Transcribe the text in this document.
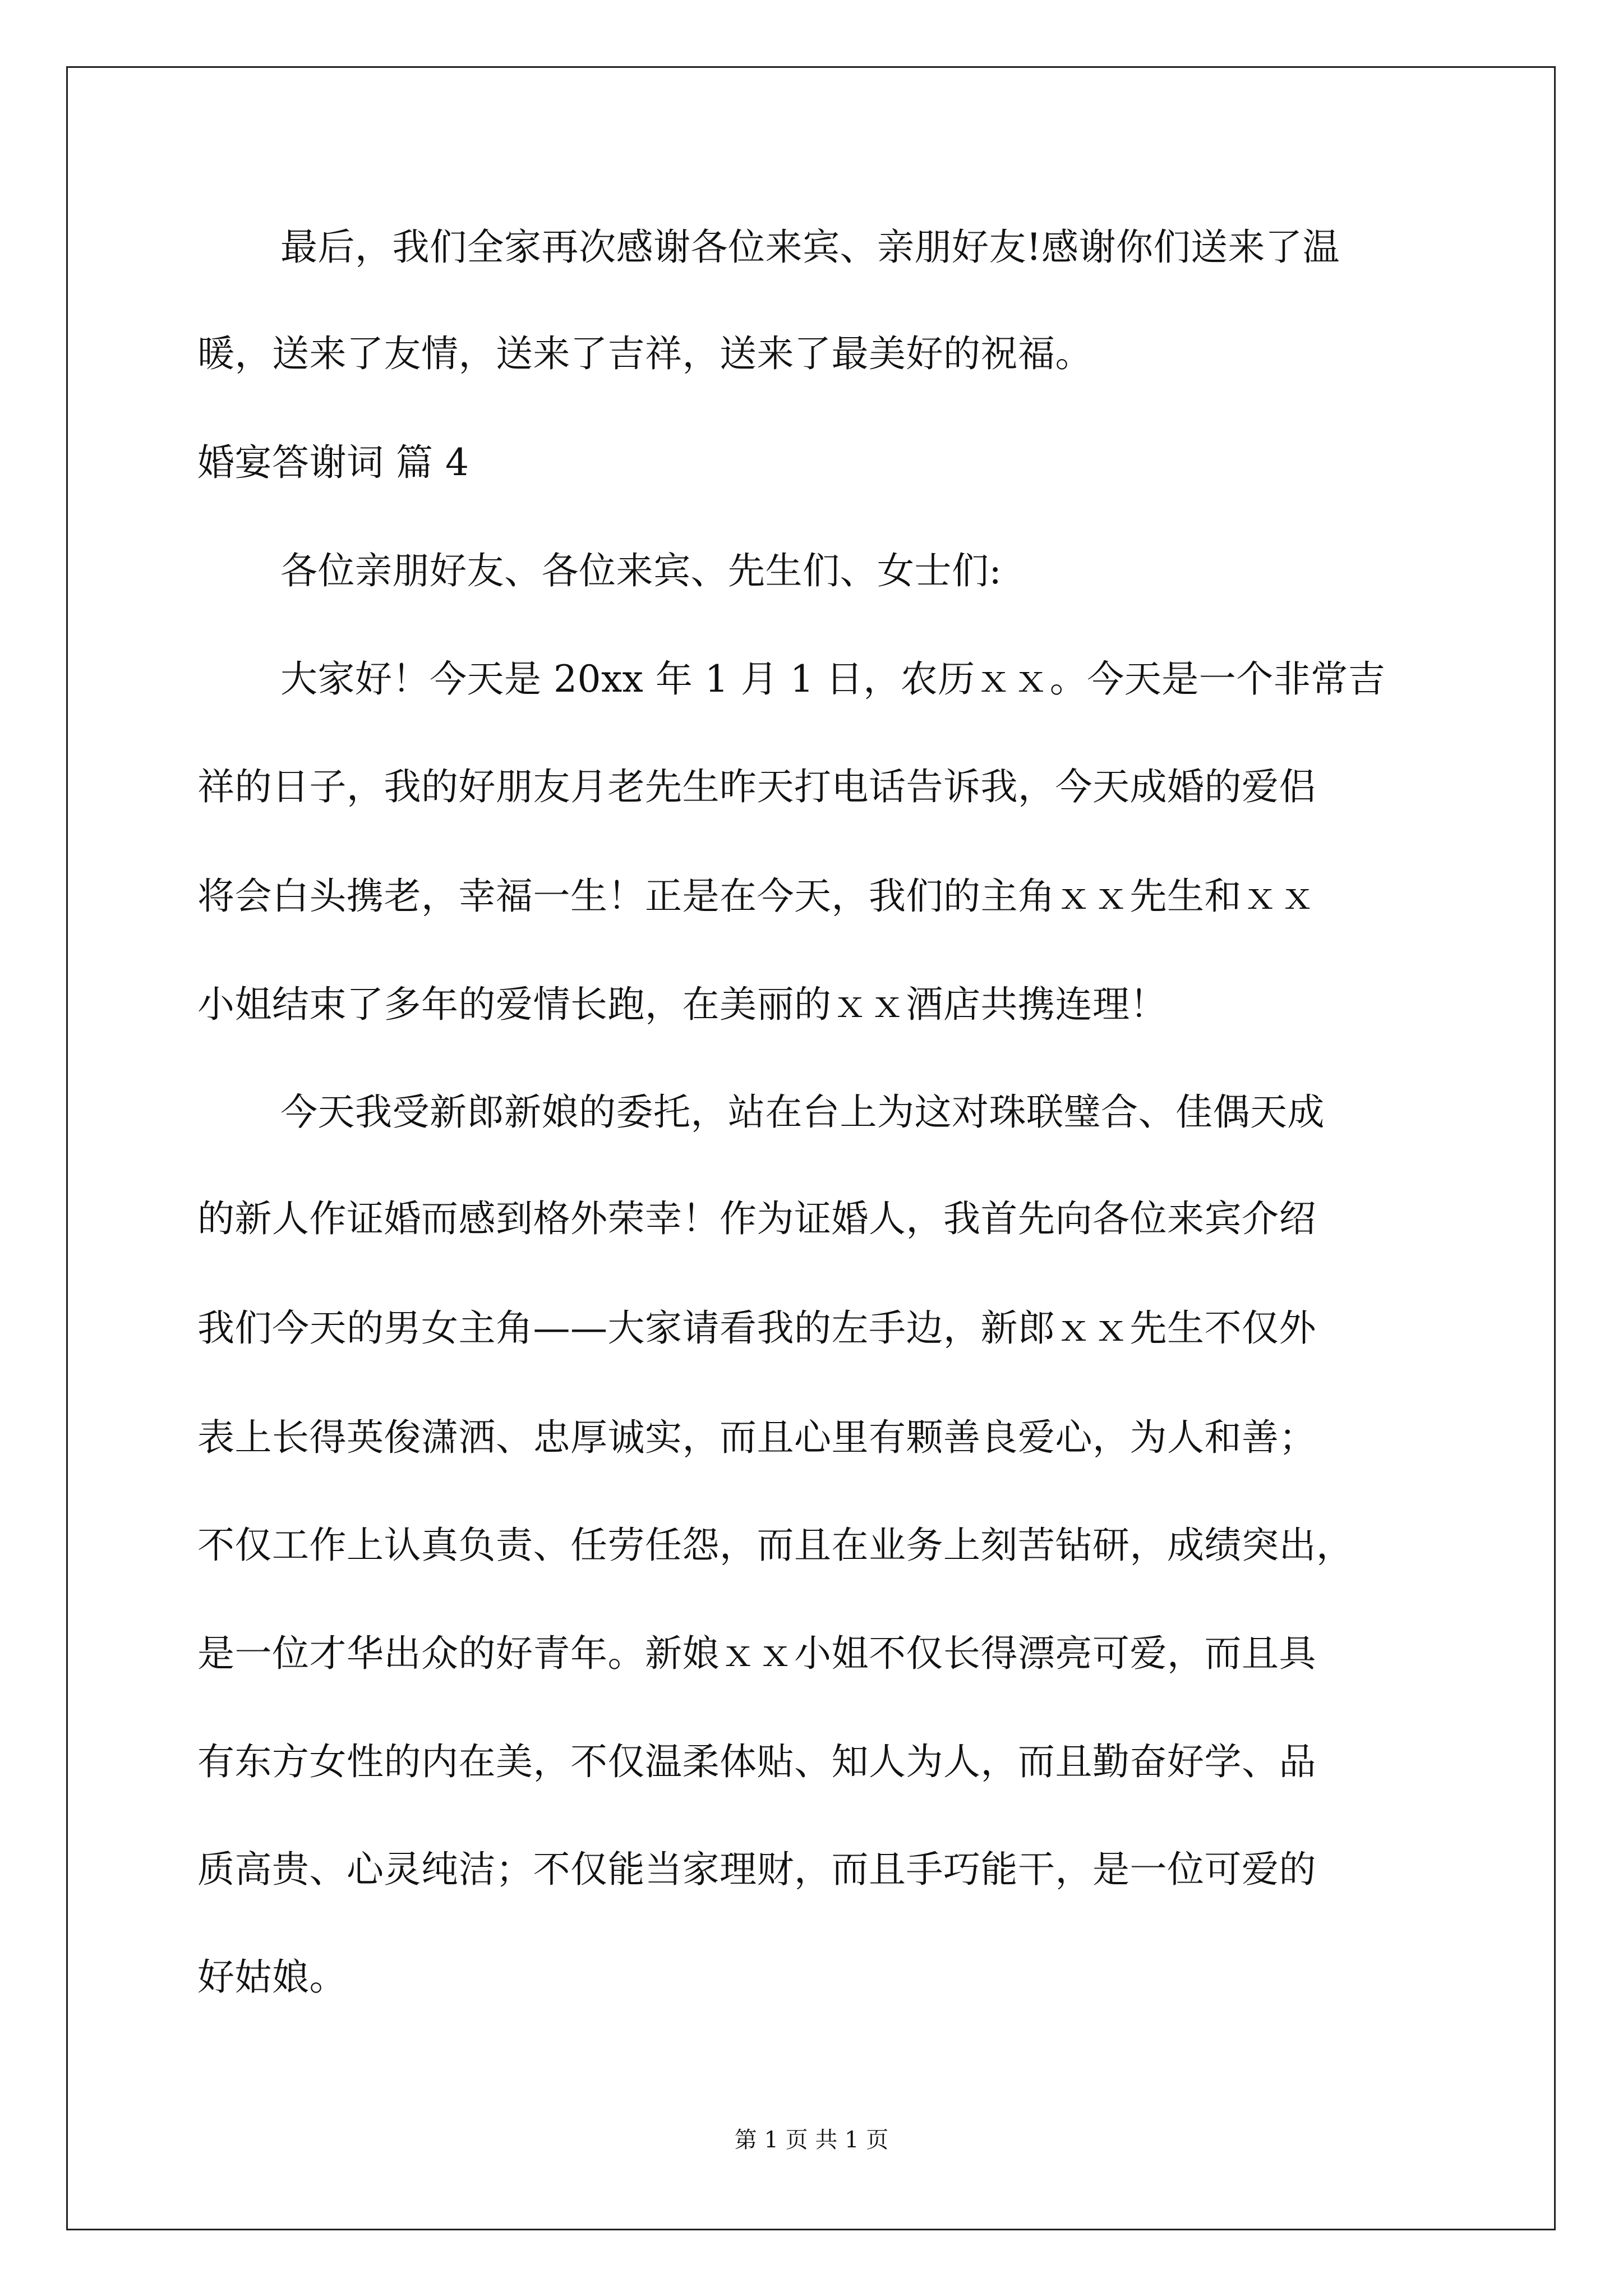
最后，我们全家再次感谢各位来宾、亲朋好友!感谢你们送来了温
暖，送来了友情，送来了吉祥，送来了最美好的祝福。
婚宴答谢词 篇 4
各位亲朋好友、各位来宾、先生们、女士们:
大家好！今天是 20xx 年 1 月 1 日，农历ｘｘ。今天是一个非常吉
祥的日子，我的好朋友月老先生昨天打电话告诉我，今天成婚的爱侣
将会白头携老，幸福一生！正是在今天，我们的主角ｘｘ先生和ｘｘ
小姐结束了多年的爱情长跑，在美丽的ｘｘ酒店共携连理！
今天我受新郎新娘的委托，站在台上为这对珠联璧合、佳偶天成
的新人作证婚而感到格外荣幸！作为证婚人，我首先向各位来宾介绍
我们今天的男女主角——大家请看我的左手边，新郎ｘｘ先生不仅外
表上长得英俊潇洒、忠厚诚实，而且心里有颗善良爱心，为人和善；
不仅工作上认真负责、任劳任怨，而且在业务上刻苦钻研，成绩突出，
是一位才华出众的好青年。新娘ｘｘ小姐不仅长得漂亮可爱，而且具
有东方女性的内在美，不仅温柔体贴、知人为人，而且勤奋好学、品
质高贵、心灵纯洁；不仅能当家理财，而且手巧能干，是一位可爱的
好姑娘。
第 1 页 共 1 页
